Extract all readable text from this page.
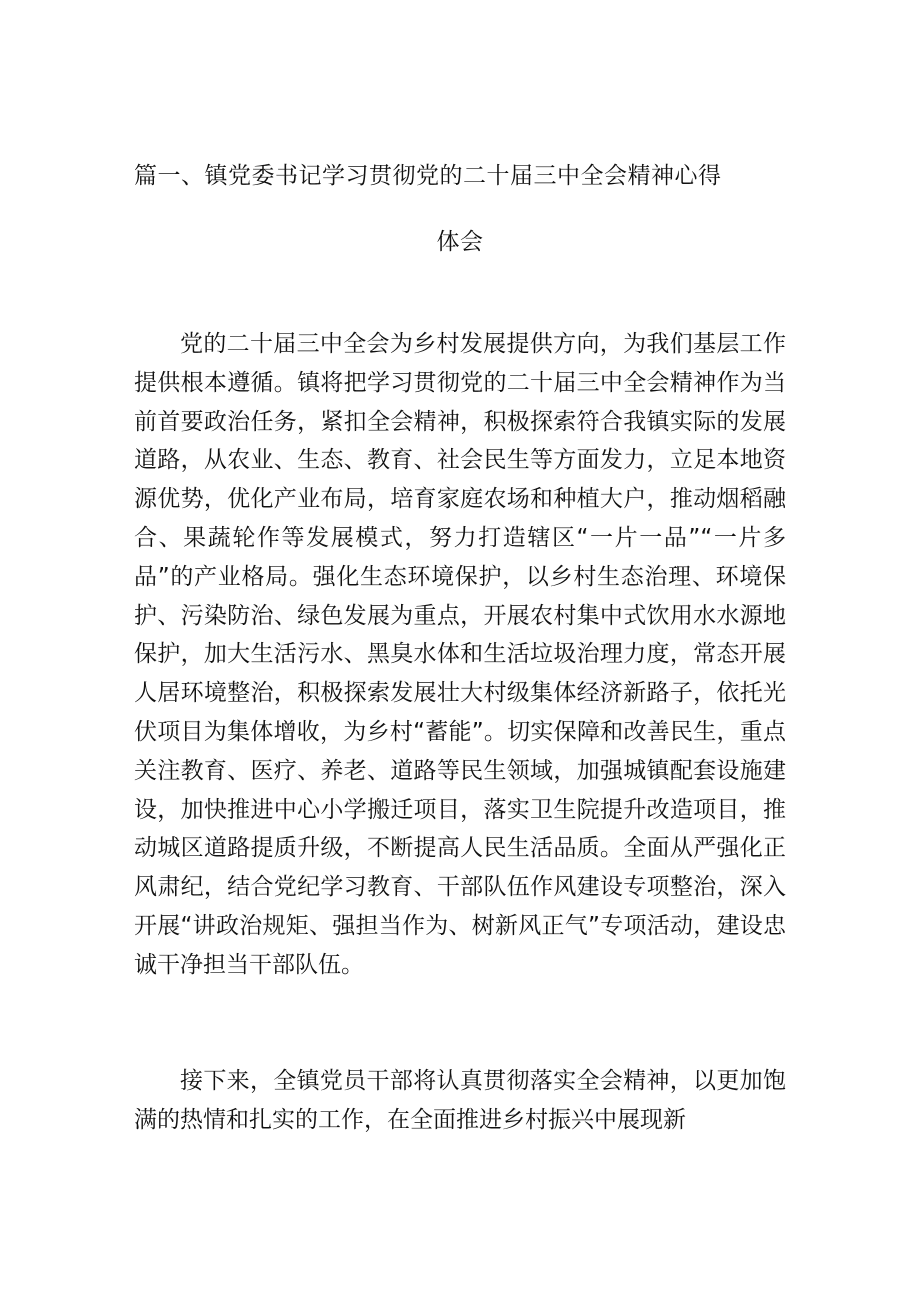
篇一、镇党委书记学习贯彻党的二十届三中全会精神心得
体会

党的二十届三中全会为乡村发展提供方向，为我们基层工作提供根本遵循。镇将把学习贯彻党的二十届三中全会精神作为当前首要政治任务，紧扣全会精神，积极探索符合我镇实际的发展道路，从农业、生态、教育、社会民生等方面发力，立足本地资源优势，优化产业布局，培育家庭农场和种植大户，推动烟稻融合、果蔬轮作等发展模式，努力打造辖区“一片一品”“一片多品”的产业格局。强化生态环境保护，以乡村生态治理、环境保护、污染防治、绿色发展为重点，开展农村集中式饮用水水源地保护，加大生活污水、黑臭水体和生活垃圾治理力度，常态开展人居环境整治，积极探索发展壮大村级集体经济新路子，依托光伏项目为集体增收，为乡村“蓄能”。切实保障和改善民生，重点关注教育、医疗、养老、道路等民生领域，加强城镇配套设施建设，加快推进中心小学搬迁项目，落实卫生院提升改造项目，推动城区道路提质升级，不断提高人民生活品质。全面从严强化正风肃纪，结合党纪学习教育、干部队伍作风建设专项整治，深入开展“讲政治规矩、强担当作为、树新风正气”专项活动，建设忠诚干净担当干部队伍。

接下来，全镇党员干部将认真贯彻落实全会精神，以更加饱满的热情和扎实的工作，在全面推进乡村振兴中展现新
